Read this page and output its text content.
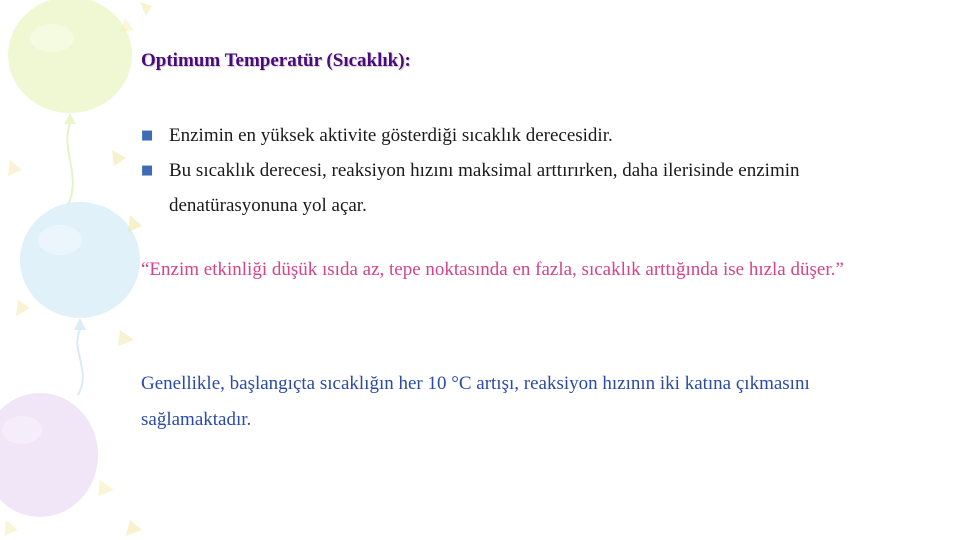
Optimum Temperatür (Sıcaklık):
■ Enzimin en yüksek aktivite gösterdiği sıcaklık derecesidir.
■ Bu sıcaklık derecesi, reaksiyon hızını maksimal arttırırken, daha ilerisinde enzimin denatürasyonuna yol açar.

“Enzim etkinliği düşük ısıda az, tepe noktasında en fazla, sıcaklık arttığında ise hızla düşer.”

Genellikle, başlangıçta sıcaklığın her 10 °C artışı, reaksiyon hızının iki katına çıkmasını sağlamaktadır.
